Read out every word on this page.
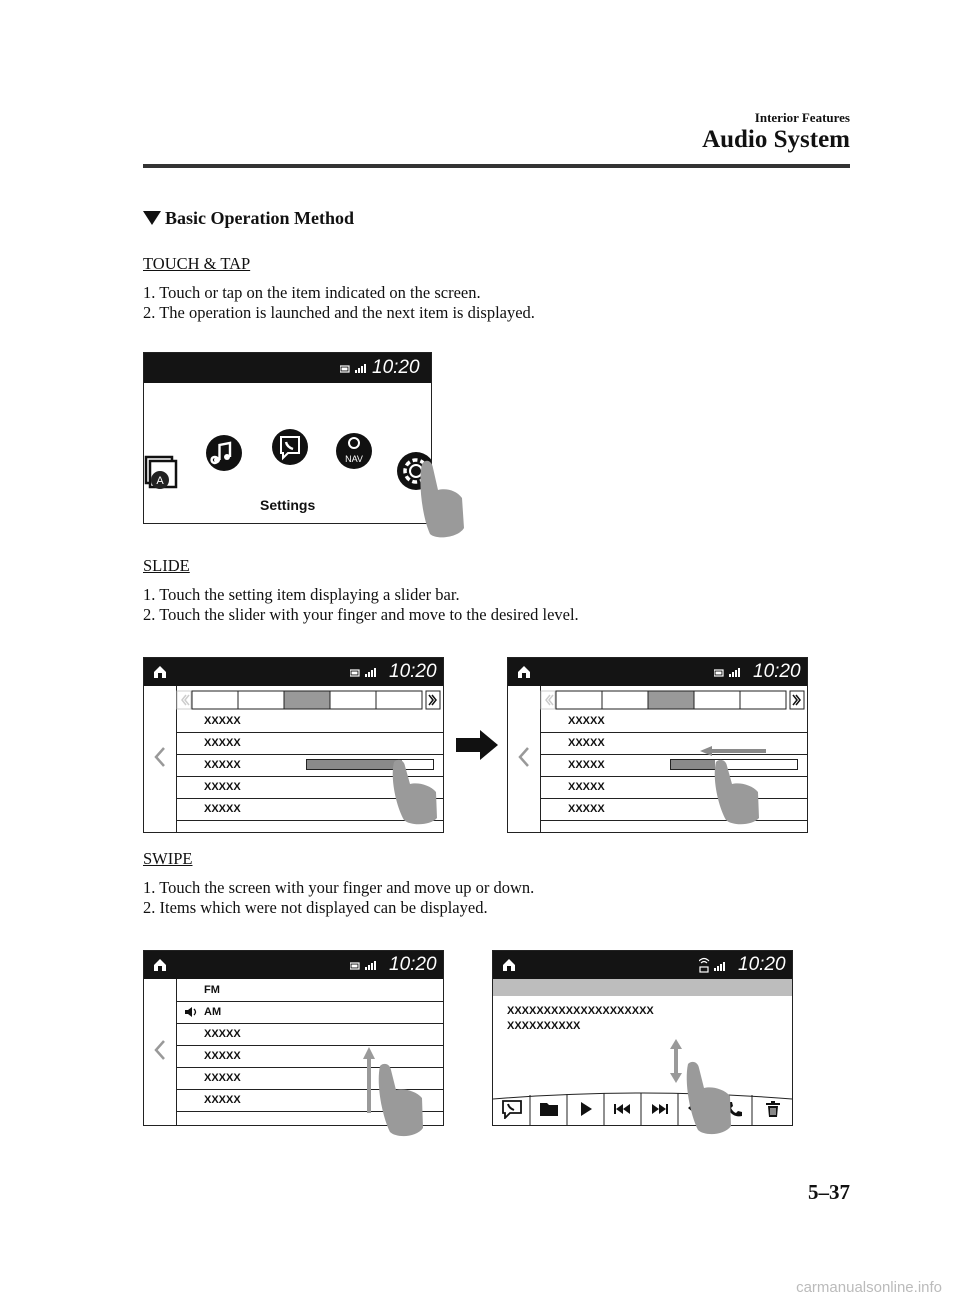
Interior Features
Audio System
Basic Operation Method
TOUCH & TAP
1. Touch or tap on the item indicated on the screen.
2. The operation is launched and the next item is displayed.
10:20
A
NAV
Settings
SLIDE
1. Touch the setting item displaying a slider bar.
2. Touch the slider with your finger and move to the desired level.
10:20
XXXXX
XXXXX
XXXXX
XXXXX
XXXXX
10:20
XXXXX
XXXXX
XXXXX
XXXXX
XXXXX
SWIPE
1. Touch the screen with your finger and move up or down.
2. Items which were not displayed can be displayed.
10:20
FM
AM
XXXXX
XXXXX
XXXXX
XXXXX
10:20
XXXXXXXXXXXXXXXXXXXX
XXXXXXXXXX
5–37
carmanualsonline.info
